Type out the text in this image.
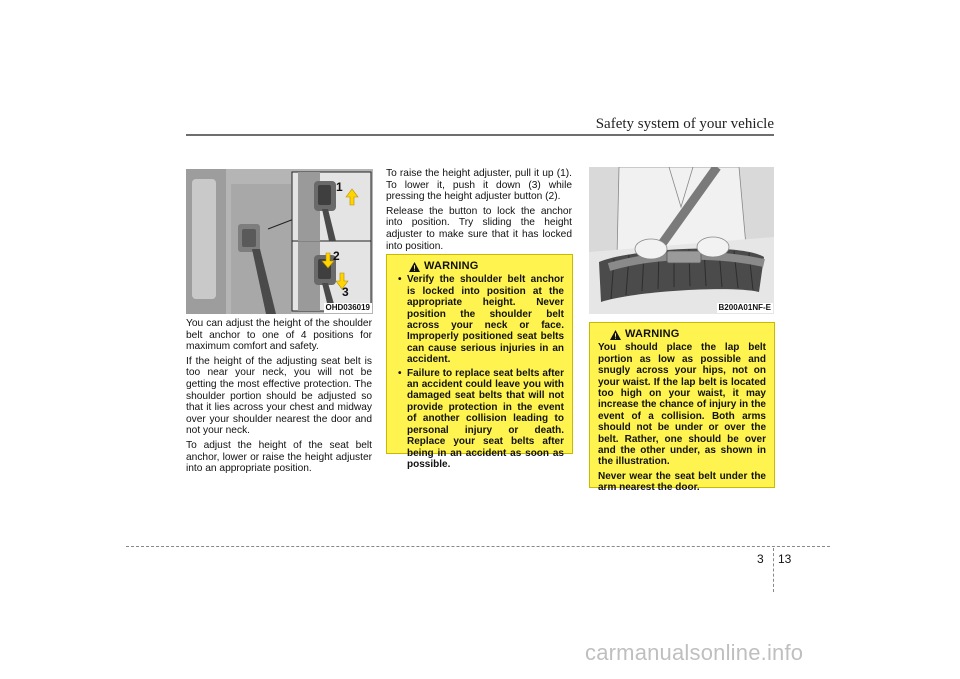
Safety system of your vehicle
1
2
3
OHD036019

You can adjust the height of the shoulder belt anchor to one of 4 positions for maximum comfort and safety.

If the height of the adjusting seat belt is too near your neck, you will not be getting the most effective protection. The shoulder portion should be adjusted so that it lies across your chest and midway over your shoulder nearest the door and not your neck.

To adjust the height of the seat belt anchor, lower or raise the height adjuster into an appropriate position.

To raise the height adjuster, pull it up (1). To lower it, push it down (3) while pressing the height adjuster button (2).

Release the button to lock the anchor into position. Try sliding the height adjuster to make sure that it has locked into position.

WARNING
• Verify the shoulder belt anchor is locked into position at the appropriate height. Never position the shoulder belt across your neck or face. Improperly positioned seat belts can cause serious injuries in an accident.
• Failure to replace seat belts after an accident could leave you with damaged seat belts that will not provide protection in the event of another collision leading to personal injury or death. Replace your seat belts after being in an accident as soon as possible.
B200A01NF-E
WARNING

You should place the lap belt portion as low as possible and snugly across your hips, not on your waist. If the lap belt is located too high on your waist, it may increase the chance of injury in the event of a collision. Both arms should not be under or over the belt. Rather, one should be over and the other under, as shown in the illustration.

Never wear the seat belt under the arm nearest the door.

3 13
carmanualsonline.info
